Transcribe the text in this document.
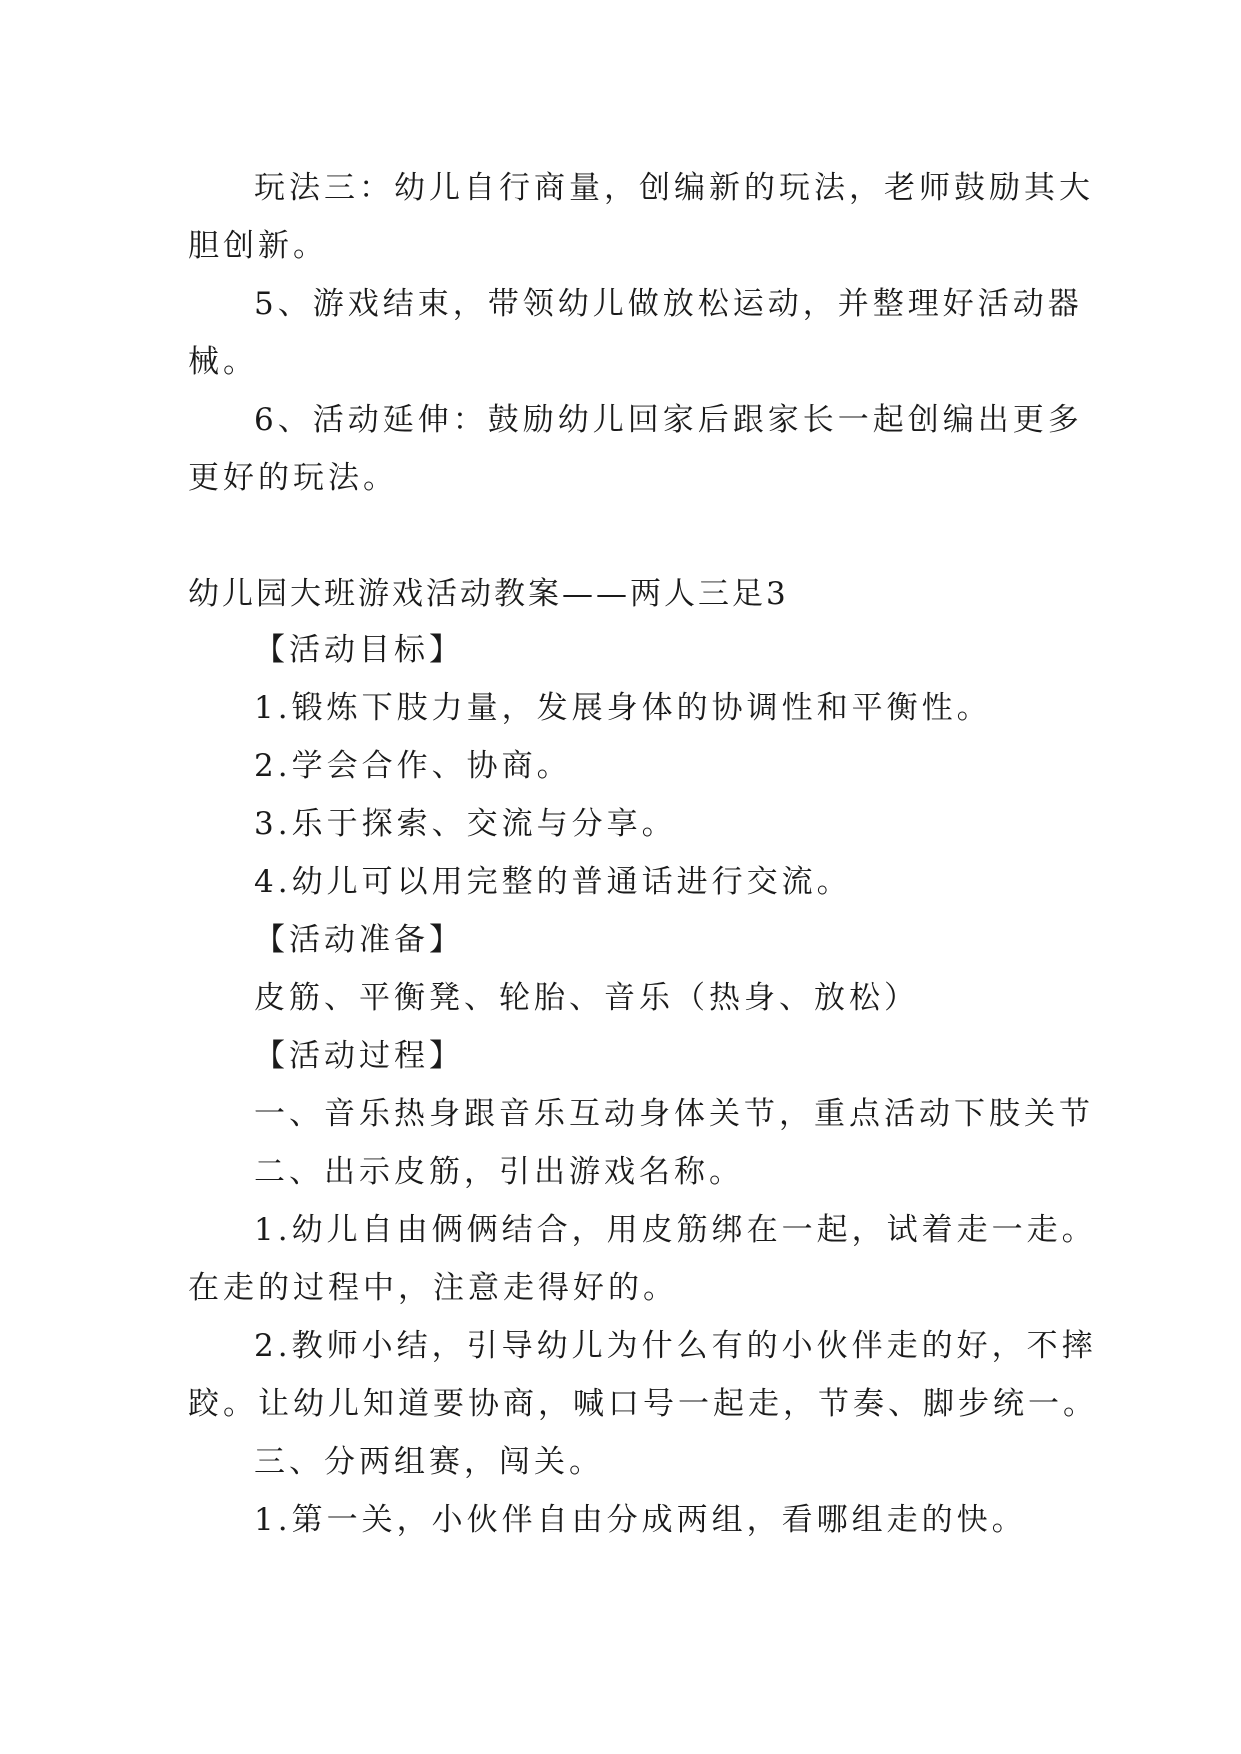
玩法三：幼儿自行商量，创编新的玩法，老师鼓励其大
胆创新。
5、游戏结束，带领幼儿做放松运动，并整理好活动器
械。
6、活动延伸：鼓励幼儿回家后跟家长一起创编出更多
更好的玩法。
幼儿园大班游戏活动教案——两人三足3
【活动目标】
1.锻炼下肢力量，发展身体的协调性和平衡性。
2.学会合作、协商。
3.乐于探索、交流与分享。
4.幼儿可以用完整的普通话进行交流。
【活动准备】
皮筋、平衡凳、轮胎、音乐（热身、放松）
【活动过程】
一、音乐热身跟音乐互动身体关节，重点活动下肢关节
二、出示皮筋，引出游戏名称。
1.幼儿自由俩俩结合，用皮筋绑在一起，试着走一走。
在走的过程中，注意走得好的。
2.教师小结，引导幼儿为什么有的小伙伴走的好，不摔
跤。让幼儿知道要协商，喊口号一起走，节奏、脚步统一。
三、分两组赛，闯关。
1.第一关，小伙伴自由分成两组，看哪组走的快。
